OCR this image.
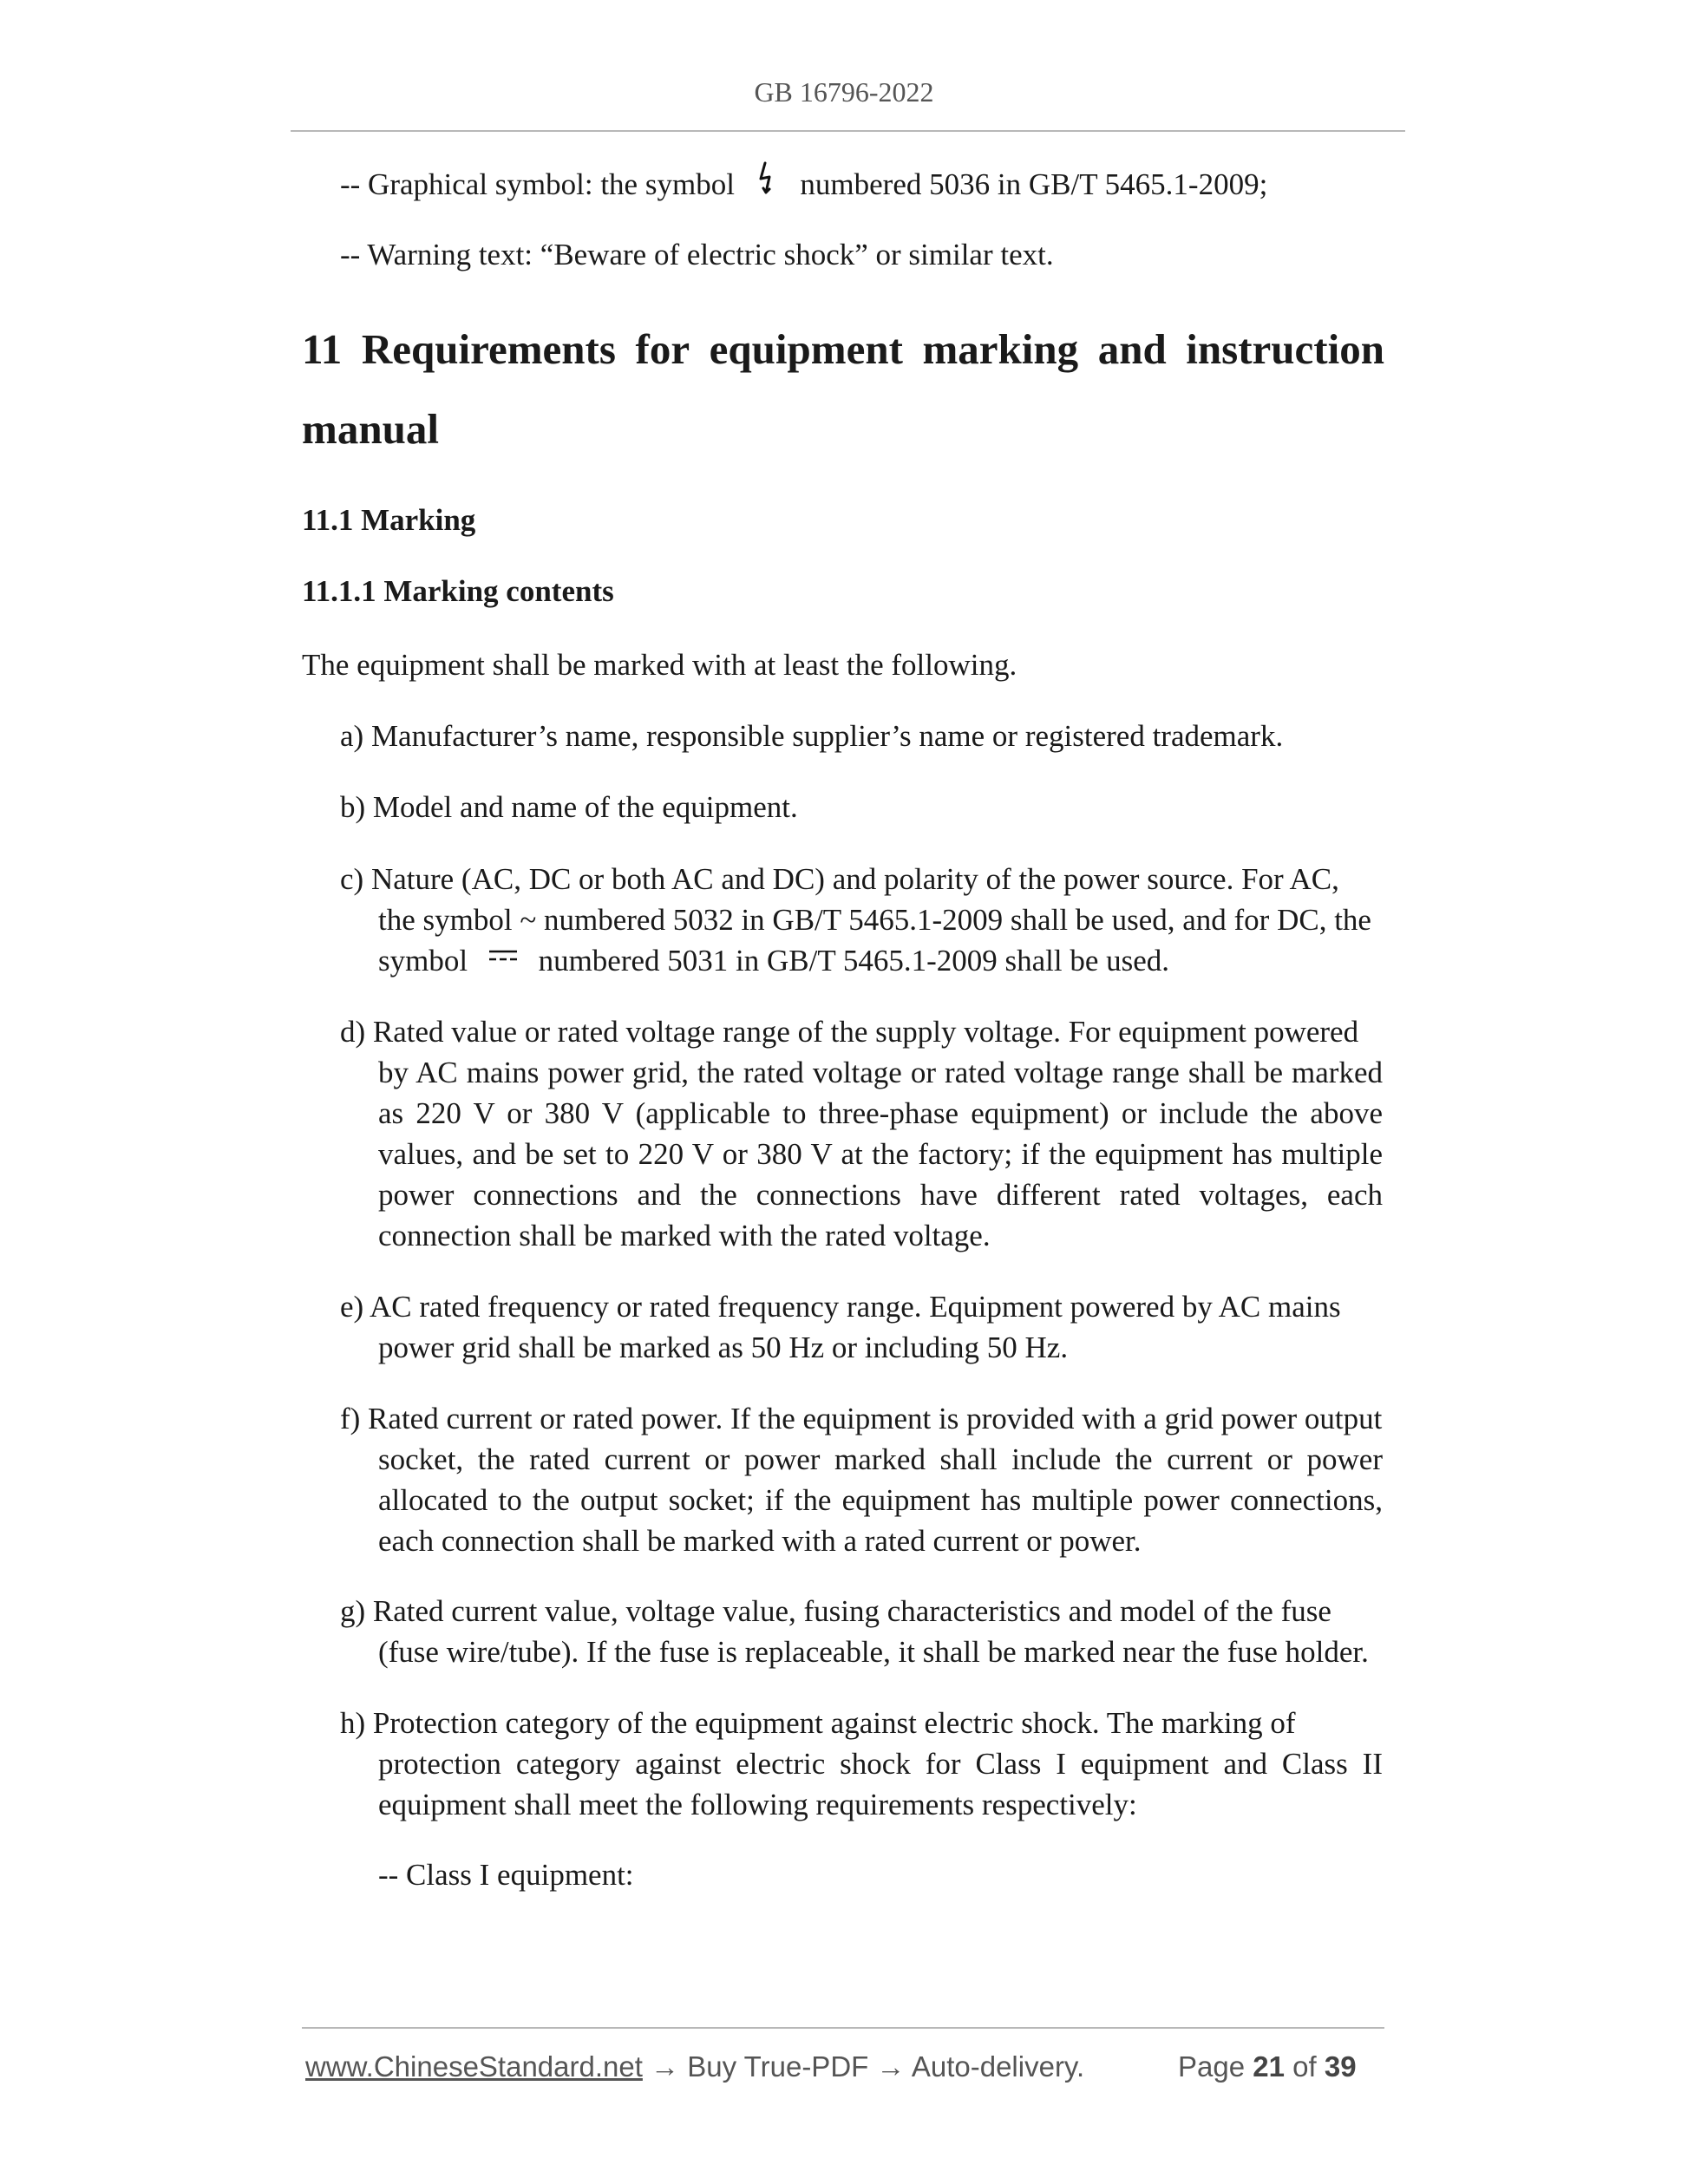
GB 16796-2022
-- Graphical symbol: the symbol numbered 5036 in GB/T 5465.1-2009;
-- Warning text: “Beware of electric shock” or similar text.
11 Requirements for equipment marking and instruction
manual
11.1 Marking
11.1.1 Marking contents
The equipment shall be marked with at least the following.
a) Manufacturer’s name, responsible supplier’s name or registered trademark.
b) Model and name of the equipment.
c) Nature (AC, DC or both AC and DC) and polarity of the power source. For AC,
the symbol ~ numbered 5032 in GB/T 5465.1-2009 shall be used, and for DC, the
symbol numbered 5031 in GB/T 5465.1-2009 shall be used.
d) Rated value or rated voltage range of the supply voltage. For equipment powered
by AC mains power grid, the rated voltage or rated voltage range shall be marked as 220 V or 380 V (applicable to three-phase equipment) or include the above values, and be set to 220 V or 380 V at the factory; if the equipment has multiple power connections and the connections have different rated voltages, each connection shall be marked with the rated voltage.
e) AC rated frequency or rated frequency range. Equipment powered by AC mains
power grid shall be marked as 50 Hz or including 50 Hz.
f) Rated current or rated power. If the equipment is provided with a grid power output
socket, the rated current or power marked shall include the current or power allocated to the output socket; if the equipment has multiple power connections, each connection shall be marked with a rated current or power.
g) Rated current value, voltage value, fusing characteristics and model of the fuse
(fuse wire/tube). If the fuse is replaceable, it shall be marked near the fuse holder.
h) Protection category of the equipment against electric shock. The marking of
protection category against electric shock for Class I equipment and Class II equipment shall meet the following requirements respectively:
-- Class I equipment:
www.ChineseStandard.net → Buy True-PDF → Auto-delivery.	Page 21 of 39
